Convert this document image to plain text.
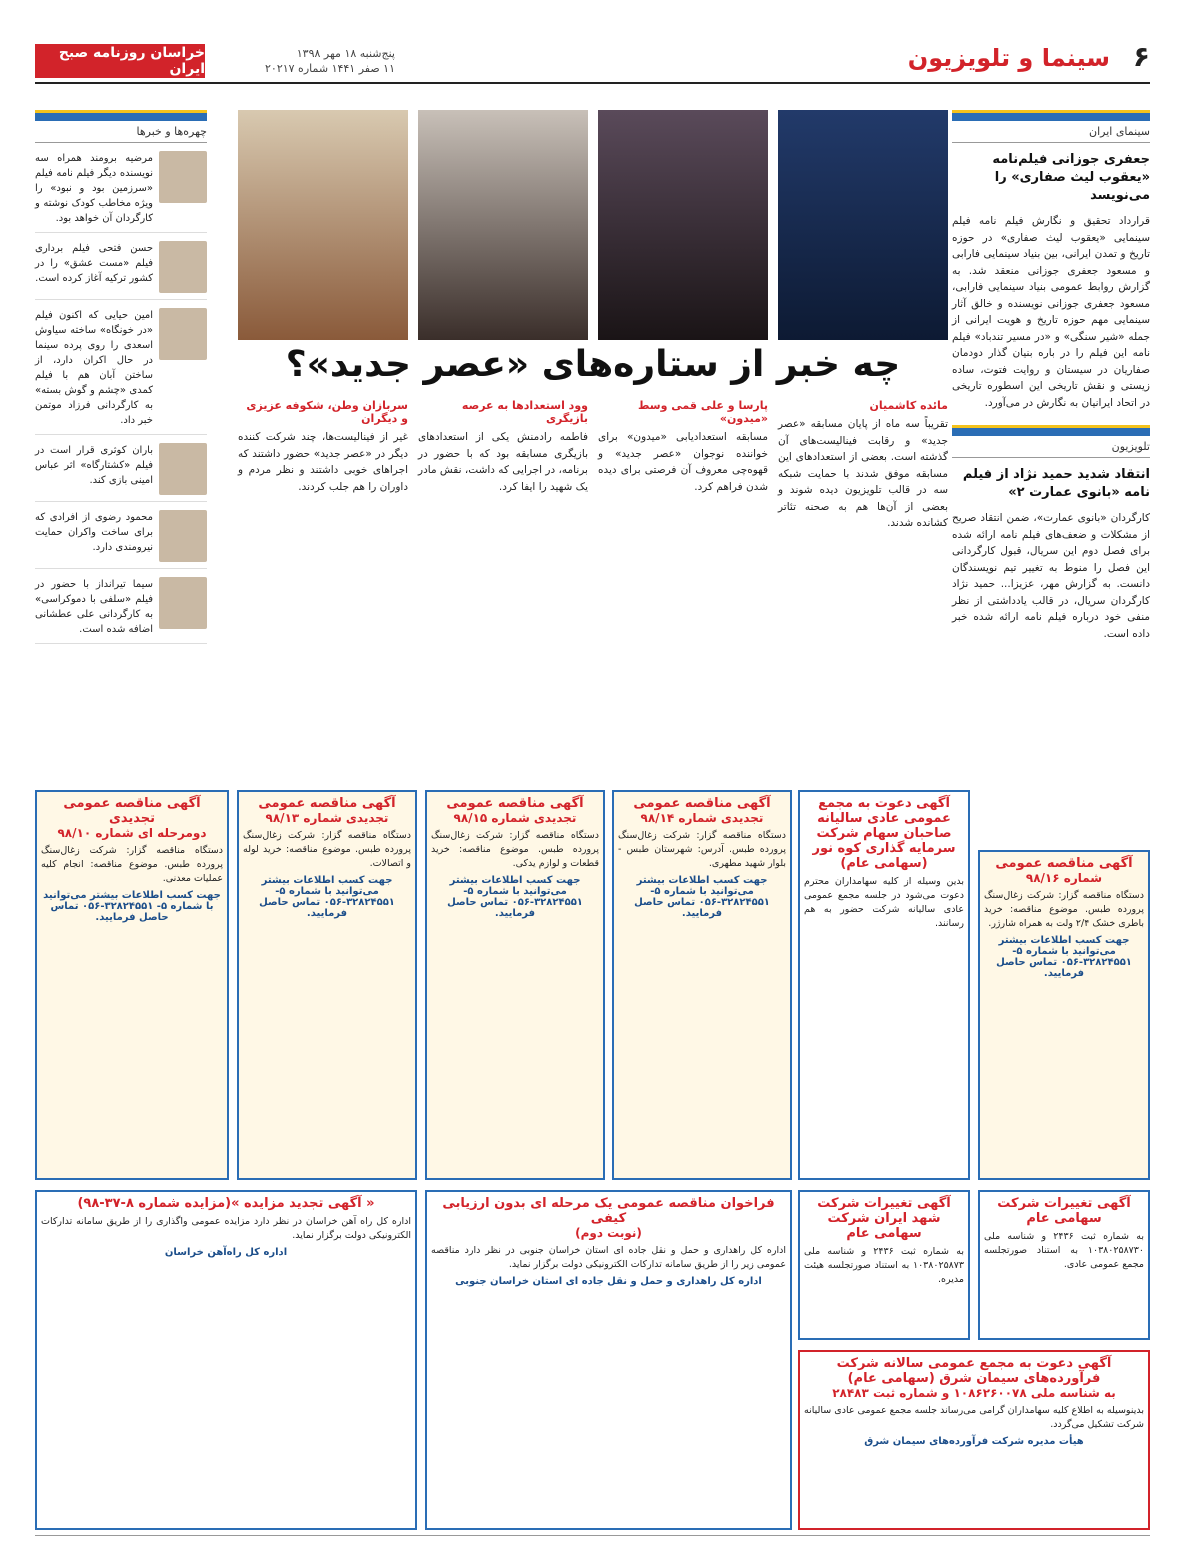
۶
سینما و تلویزیون
پنج‌شنبه ۱۸ مهر ۱۳۹۸
۱۱ صفر ۱۴۴۱ شماره ۲۰۲۱۷
خراسان روزنامه صبح ایران
سینمای ایران
جعفری جوزانی فیلم‌نامه «یعقوب لیث صفاری» را می‌نویسد
قرارداد تحقیق و نگارش فیلم نامه فیلم سینمایی «یعقوب لیث صفاری» در حوزه تاریخ و تمدن ایرانی، بین بنیاد سینمایی فارابی و مسعود جعفری جوزانی منعقد شد. به گزارش روابط عمومی بنیاد سینمایی فارابی، مسعود جعفری جوزانی نویسنده و خالق آثار سینمایی مهم حوزه تاریخ و هویت ایرانی از جمله «شیر سنگی» و «در مسیر تندباد» فیلم نامه این فیلم را در باره بنیان گذار دودمان صفاریان در سیستان و روایت فتوت، ساده زیستی و نقش تاریخی این اسطوره تاریخی در اتحاد ایرانیان به نگارش در می‌آورد.
تلویزیون
انتقاد شدید حمید نژاد از فیلم نامه «بانوی عمارت ۲»
کارگردان «بانوی عمارت»، ضمن انتقاد صریح از مشکلات و ضعف‌های فیلم نامه ارائه شده برای فصل دوم این سریال، قبول کارگردانی این فصل را منوط به تغییر تیم نویسندگان دانست. به گزارش مهر، عزیزا... حمید نژاد کارگردان سریال، در قالب یادداشتی از نظر منفی خود درباره فیلم نامه ارائه شده خبر داده است.
چهره‌ها و خبرها
مرضیه برومند همراه سه نویسنده دیگر فیلم نامه فیلم «سرزمین بود و نبود» را ویژه مخاطب کودک نوشته و کارگردان آن خواهد بود.
حسن فتحی فیلم برداری فیلم «مست عشق» را در کشور ترکیه آغاز کرده است.
امین حیایی که اکنون فیلم «در خونگاه» ساخته سیاوش اسعدی را روی پرده سینما در حال اکران دارد، از ساختن آبان هم با فیلم کمدی «چشم و گوش بسته» به کارگردانی فرزاد موتمن خبر داد.
باران کوثری قرار است در فیلم «کشتارگاه» اثر عباس امینی بازی کند.
محمود رضوی از افرادی که برای ساخت واکران حمایت نیرومندی دارد.
سیما تیرانداز با حضور در فیلم «سلفی با دموکراسی» به کارگردانی علی عطشانی اضافه شده است.
چه خبر از ستاره‌های «عصر جدید»؟
مائده کاشمیان
تقریباً سه ماه از پایان مسابقه «عصر جدید» و رقابت فینالیست‌های آن گذشته است. بعضی از استعدادهای این مسابقه موفق شدند با حمایت شبکه سه در قالب تلویزیون دیده شوند و بعضی از آن‌ها هم به صحنه تئاتر کشانده شدند.
پارسا و علی قمی وسط «میدون»
مسابقه استعدادیابی «میدون» برای خواننده نوجوان «عصر جدید» و قهوه‌چی معروف آن فرصتی برای دیده شدن فراهم کرد.
وود استعدادها به عرصه بازیگری
فاطمه رادمنش یکی از استعدادهای بازیگری مسابقه بود که با حضور در برنامه، در اجرایی که داشت، نقش مادر یک شهید را ایفا کرد.
سربازان وطن، شکوفه عزیزی و دیگران
غیر از فینالیست‌ها، چند شرکت کننده دیگر در «عصر جدید» حضور داشتند که اجراهای خوبی داشتند و نظر مردم و داوران را هم جلب کردند.
آگهی مناقصه عمومی
شماره ۹۸/۱۶
دستگاه مناقصه گزار: شرکت زغال‌سنگ پرورده طبس. موضوع مناقصه: خرید باطری خشک ۲/۴ ولت به همراه شارژر.
جهت کسب اطلاعات بیشتر می‌توانید با شماره ۵- ۳۲۸۲۴۵۵۱-۰۵۶ تماس حاصل فرمایید.
آگهی دعوت به مجمع عمومی عادی سالیانه صاحبان سهام شرکت سرمایه گذاری کوه نور (سهامی عام)
بدین وسیله از کلیه سهامداران محترم دعوت می‌شود در جلسه مجمع عمومی عادی سالیانه شرکت حضور به هم رسانند.
آگهی مناقصه عمومی
تجدیدی شماره ۹۸/۱۴
دستگاه مناقصه گزار: شرکت زغال‌سنگ پرورده طبس. آدرس: شهرستان طبس - بلوار شهید مطهری.
جهت کسب اطلاعات بیشتر می‌توانید با شماره ۵- ۳۲۸۲۴۵۵۱-۰۵۶ تماس حاصل فرمایید.
آگهی مناقصه عمومی
تجدیدی شماره ۹۸/۱۵
دستگاه مناقصه گزار: شرکت زغال‌سنگ پرورده طبس. موضوع مناقصه: خرید قطعات و لوازم یدکی.
جهت کسب اطلاعات بیشتر می‌توانید با شماره ۵- ۳۲۸۲۴۵۵۱-۰۵۶ تماس حاصل فرمایید.
آگهی مناقصه عمومی
تجدیدی شماره ۹۸/۱۳
دستگاه مناقصه گزار: شرکت زغال‌سنگ پرورده طبس. موضوع مناقصه: خرید لوله و اتصالات.
جهت کسب اطلاعات بیشتر می‌توانید با شماره ۵- ۳۲۸۲۴۵۵۱-۰۵۶ تماس حاصل فرمایید.
آگهی مناقصه عمومی تجدیدی
دومرحله ای شماره ۹۸/۱۰
دستگاه مناقصه گزار: شرکت زغال‌سنگ پرورده طبس. موضوع مناقصه: انجام کلیه عملیات معدنی.
جهت کسب اطلاعات بیشتر می‌توانید با شماره ۵- ۳۲۸۲۴۵۵۱-۰۵۶ تماس حاصل فرمایید.
آگهی تغییرات شرکت سهامی عام
به شماره ثبت ۲۴۳۶ و شناسه ملی ۱۰۳۸۰۲۵۸۷۳۰ به استناد صورتجلسه مجمع عمومی عادی.
آگهی تغییرات شرکت شهد ایران شرکت سهامی عام
به شماره ثبت ۲۴۳۶ و شناسه ملی ۱۰۳۸۰۲۵۸۷۳ به استناد صورتجلسه هیئت مدیره.
آگهی دعوت به مجمع عمومی سالانه شرکت فرآورده‌های سیمان شرق (سهامی عام)
به شناسه ملی ۱۰۸۶۲۶۰۰۷۸ و شماره ثبت ۲۸۴۸۳
بدینوسیله به اطلاع کلیه سهامداران گرامی می‌رساند جلسه مجمع عمومی عادی سالیانه شرکت تشکیل می‌گردد.
هیأت مدیره شرکت فرآورده‌های سیمان شرق
فراخوان مناقصه عمومی یک مرحله ای بدون ارزیابی کیفی
(نوبت دوم)
اداره کل راهداری و حمل و نقل جاده ای استان خراسان جنوبی در نظر دارد مناقصه عمومی زیر را از طریق سامانه تدارکات الکترونیکی دولت برگزار نماید.
اداره کل راهداری و حمل و نقل جاده ای استان خراسان جنوبی
« آگهی تجدید مزایده »(مزایده شماره ۸-۳۷-۹۸)
اداره کل راه آهن خراسان در نظر دارد مزایده عمومی واگذاری را از طریق سامانه تدارکات الکترونیکی دولت برگزار نماید.
اداره کل راه‌آهن خراسان
